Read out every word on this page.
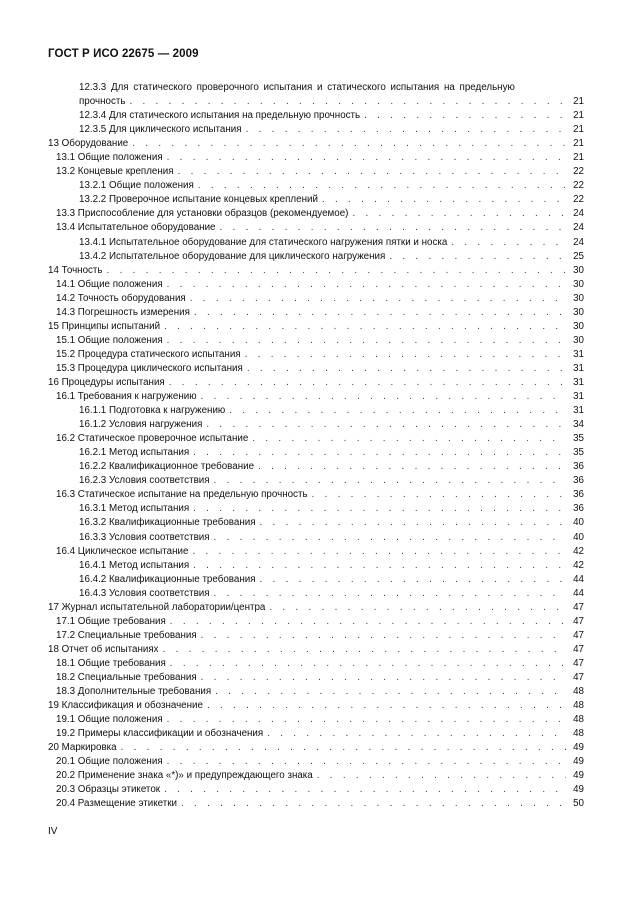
ГОСТ Р ИСО 22675 — 2009
12.3.3 Для статического проверочного испытания и статического испытания на предельную
прочность . . .	21
12.3.4 Для статического испытания на предельную прочность . . .	21
12.3.5 Для циклического испытания . . .	21
13 Оборудование . . .	21
13.1 Общие положения . . .	21
13.2 Концевые крепления . . .	22
13.2.1 Общие положения . . .	22
13.2.2 Проверочное испытание концевых креплений . . .	22
13.3 Приспособление для установки образцов (рекомендуемое) . . .	24
13.4 Испытательное оборудование . . .	24
13.4.1 Испытательное оборудование для статического нагружения пятки и носка . . .	24
13.4.2 Испытательное оборудование для циклического нагружения . . .	25
14 Точность . . .	30
14.1 Общие положения . . .	30
14.2 Точность оборудования . . .	30
14.3 Погрешность измерения . . .	30
15 Принципы испытаний . . .	30
15.1 Общие положения . . .	30
15.2 Процедура статического испытания . . .	31
15.3 Процедура циклического испытания . . .	31
16 Процедуры испытания . . .	31
16.1 Требования к нагружению . . .	31
16.1.1 Подготовка к нагружению . . .	31
16.1.2 Условия нагружения . . .	34
16.2 Статическое проверочное испытание . . .	35
16.2.1 Метод испытания . . .	35
16.2.2 Квалификационное требование . . .	36
16.2.3 Условия соответствия . . .	36
16.3 Статическое испытание на предельную прочность . . .	36
16.3.1 Метод испытания . . .	36
16.3.2 Квалификационные требования . . .	40
16.3.3 Условия соответствия . . .	40
16.4 Циклическое испытание . . .	42
16.4.1 Метод испытания . . .	42
16.4.2 Квалификационные требования . . .	44
16.4.3 Условия соответствия . . .	44
17 Журнал испытательной лаборатории/центра . . .	47
17.1 Общие требования . . .	47
17.2 Специальные требования . . .	47
18 Отчет об испытаниях . . .	47
18.1 Общие требования . . .	47
18.2 Специальные требования . . .	47
18.3 Дополнительные требования . . .	48
19 Классификация и обозначение . . .	48
19.1 Общие положения . . .	48
19.2 Примеры классификации и обозначения . . .	48
20 Маркировка . . .	49
20.1 Общие положения . . .	49
20.2 Применение знака «*)» и предупреждающего знака . . .	49
20.3 Образцы этикеток . . .	49
20.4 Размещение этикетки . . .	50
IV
